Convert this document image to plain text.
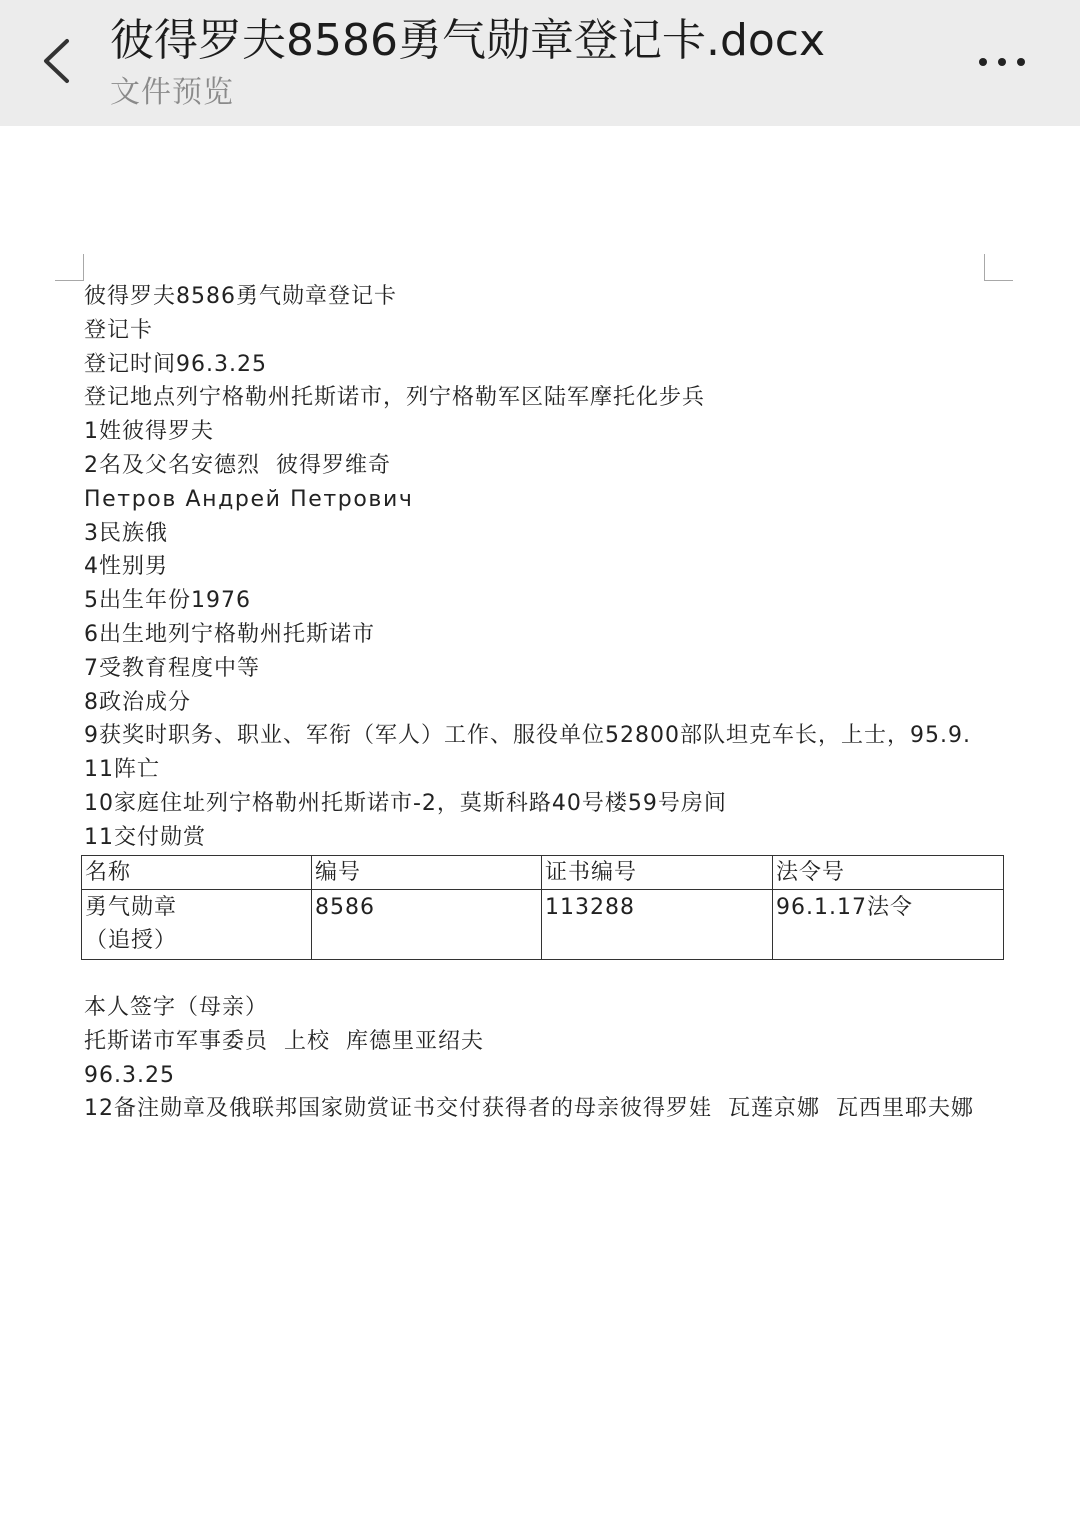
彼得罗夫8586勇气勋章登记卡.docx
文件预览
彼得罗夫8586勇气勋章登记卡
登记卡
登记时间96.3.25
登记地点列宁格勒州托斯诺市，列宁格勒军区陆军摩托化步兵
1姓彼得罗夫
2名及父名安德烈  彼得罗维奇
Петров Андрей Петрович
3民族俄
4性别男
5出生年份1976
6出生地列宁格勒州托斯诺市
7受教育程度中等
8政治成分
9获奖时职务、职业、军衔（军人）工作、服役单位52800部队坦克车长，上士，95.9.
11阵亡
10家庭住址列宁格勒州托斯诺市-2，莫斯科路40号楼59号房间
11交付勋赏
名称	编号	证书编号	法令号

勇气勋章
（追授）	8586	113288	96.1.17法令
本人签字（母亲）
托斯诺市军事委员  上校  库德里亚绍夫
96.3.25
12备注勋章及俄联邦国家勋赏证书交付获得者的母亲彼得罗娃  瓦莲京娜  瓦西里耶夫娜
